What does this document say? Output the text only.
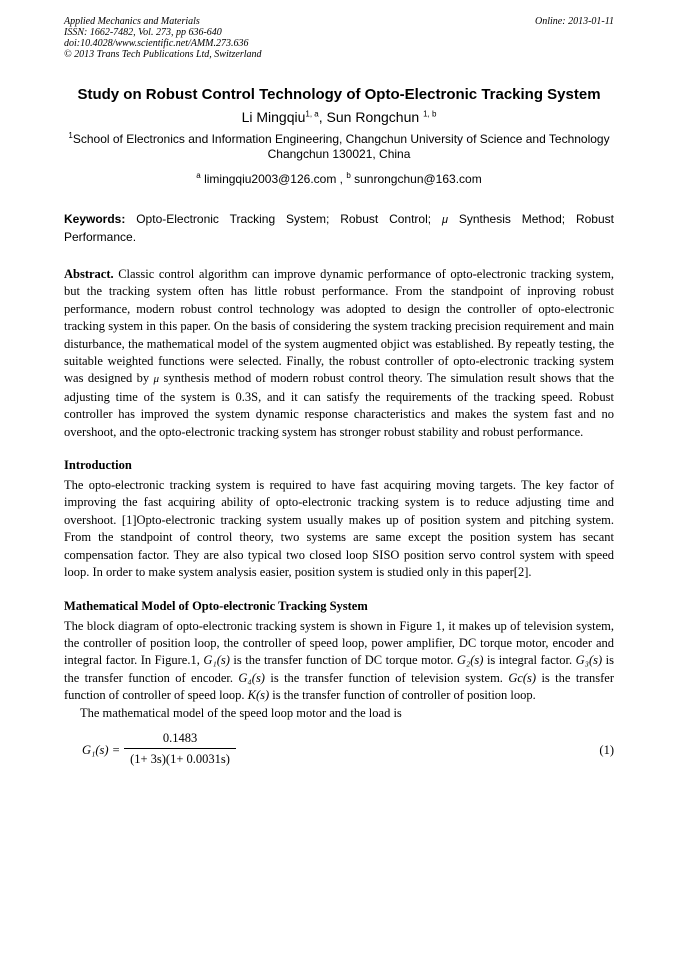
Applied Mechanics and Materials
ISSN: 1662-7482, Vol. 273, pp 636-640
doi:10.4028/www.scientific.net/AMM.273.636
© 2013 Trans Tech Publications Ltd, Switzerland
Online: 2013-01-11
Study on Robust Control Technology of Opto-Electronic Tracking System
Li Mingqiu$^{1, a}$, Sun Rongchun $^{1, b}$
$^1$School of Electronics and Information Engineering, Changchun University of Science and Technology Changchun 130021, China
$^a$ limingqiu2003@126.com , $^b$ sunrongchun@163.com
Keywords: Opto-Electronic Tracking System; Robust Control; μ Synthesis Method; Robust Performance.

Abstract. Classic control algorithm can improve dynamic performance of opto-electronic tracking system, but the tracking system often has little robust performance. From the standpoint of inproving robust performance, modern robust control technology was adopted to design the controller of opto-electronic tracking system in this paper. On the basis of considering the system tracking precision requirement and main disturbance, the mathematical model of the system augmented objict was established. By repeatly testing, the suitable weighted functions were selected. Finally, the robust controller of opto-electronic tracking system was designed by μ synthesis method of modern robust control theory. The simulation result shows that the adjusting time of the system is 0.3S, and it can satisfy the requirements of the tracking speed. Robust controller has improved the system dynamic response characteristics and makes the system fast and no overshoot, and the opto-electronic tracking system has stronger robust stability and robust performance.

Introduction

The opto-electronic tracking system is required to have fast acquiring moving targets. The key factor of improving the fast acquiring ability of opto-electronic tracking system is to reduce adjusting time and overshoot. [1]Opto-electronic tracking system usually makes up of position system and pitching system. From the standpoint of control theory, two systems are same except the position system has secant compensation factor. They are also typical two closed loop SISO position servo control system with speed loop. In order to make system analysis easier, position system is studied only in this paper[2].

Mathematical Model of Opto-electronic Tracking System

The block diagram of opto-electronic tracking system is shown in Figure 1, it makes up of television system, the controller of position loop, the controller of speed loop, power amplifier, DC torque motor, encoder and integral factor. In Figure.1, G₁(s) is the transfer function of DC torque motor. G₂(s) is integral factor. G₃(s) is the transfer function of encoder. G₄(s) is the transfer function of television system. Gc(s) is the transfer function of controller of speed loop. K(s) is the transfer function of controller of position loop.

The mathematical model of the speed loop motor and the load is

G₁(s) =
0.1483
(1+ 3s)(1+ 0.0031s)
(1)
